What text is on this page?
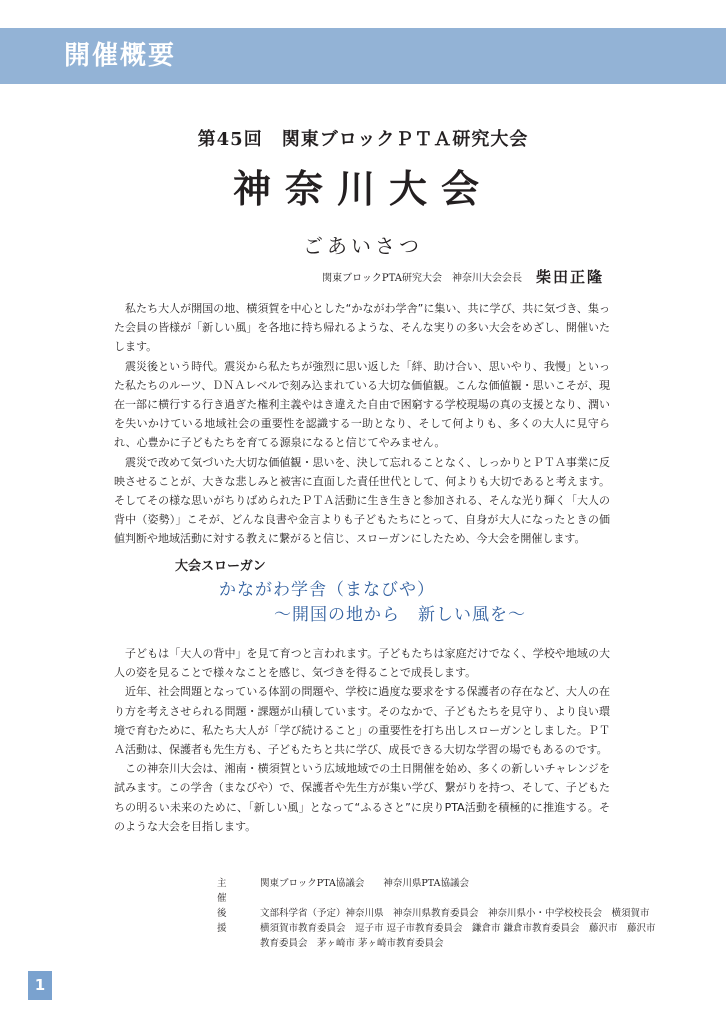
開催概要
第45回　関東ブロックＰＴＡ研究大会
神奈川大会
ごあいさつ
関東ブロックPTA研究大会　神奈川大会会長 柴田正隆

私たち大人が開国の地、横須賀を中心とした“かながわ学舎”に集い、共に学び、共に気づき、集った会員の皆様が「新しい風」を各地に持ち帰れるような、そんな実りの多い大会をめざし、開催いたします。

震災後という時代。震災から私たちが強烈に思い返した「絆、助け合い、思いやり、我慢」といった私たちのルーツ、ＤＮＡレベルで刻み込まれている大切な価値観。こんな価値観・思いこそが、現在一部に横行する行き過ぎた権利主義やはき違えた自由で困窮する学校現場の真の支援となり、潤いを失いかけている地域社会の重要性を認識する一助となり、そして何よりも、多くの大人に見守られ、心豊かに子どもたちを育てる源泉になると信じてやみません。

震災で改めて気づいた大切な価値観・思いを、決して忘れることなく、しっかりとＰＴＡ事業に反映させることが、大きな悲しみと被害に直面した責任世代として、何よりも大切であると考えます。そしてその様な思いがちりばめられたＰＴＡ活動に生き生きと参加される、そんな光り輝く「大人の背中（姿勢）」こそが、どんな良書や金言よりも子どもたちにとって、自身が大人になったときの価値判断や地域活動に対する教えに繋がると信じ、スローガンにしたため、今大会を開催します。

大会スローガン
かながわ学舎（まなびや）
～開国の地から　新しい風を～

子どもは「大人の背中」を見て育つと言われます。子どもたちは家庭だけでなく、学校や地域の大人の姿を見ることで様々なことを感じ、気づきを得ることで成長します。

近年、社会問題となっている体罰の問題や、学校に過度な要求をする保護者の存在など、大人の在り方を考えさせられる問題・課題が山積しています。そのなかで、子どもたちを見守り、より良い環境で育むために、私たち大人が「学び続けること」の重要性を打ち出しスローガンとしました。ＰＴＡ活動は、保護者も先生方も、子どもたちと共に学び、成長できる大切な学習の場でもあるのです。

この神奈川大会は、湘南・横須賀という広域地域での土日開催を始め、多くの新しいチャレンジを試みます。この学舎（まなびや）で、保護者や先生方が集い学び、繋がりを持つ、そして、子どもたちの明るい未来のために、「新しい風」となって“ふるさと”に戻りPTA活動を積極的に推進する。そのような大会を目指します。

主　催
関東ブロックPTA協議会　　神奈川県PTA協議会
後　援
文部科学省（予定）神奈川県　神奈川県教育委員会　神奈川県小・中学校校長会　横須賀市　横須賀市教育委員会　逗子市 逗子市教育委員会　鎌倉市 鎌倉市教育委員会　藤沢市　藤沢市教育委員会　茅ヶ崎市 茅ヶ崎市教育委員会
1
